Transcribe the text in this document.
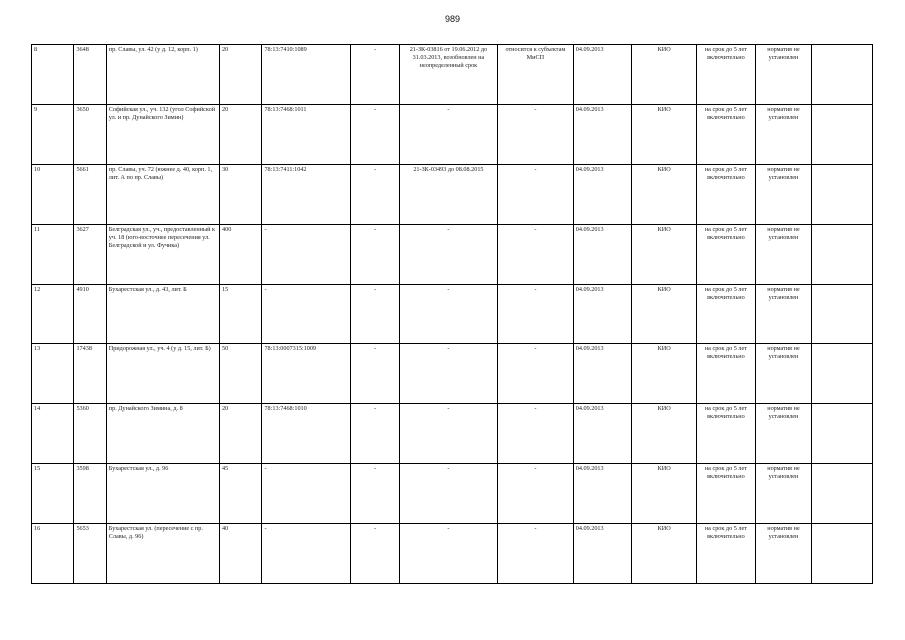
989
8	3648	пр. Славы, ул. 42 (у д. 12, корп. 1)	20	78:13:7410:1089	-	21-ЗК-03816 от 19.06.2012 до 31.03.2013, возобновлен на неопределенный срок	относится к субъектам МиСП	04.09.2013	КИО	на срок до 5 лет включительно	норматив не установлен	
9	3650	Софийская ул., уч. 132 (угол Софийской ул. и пр. Дунайского Зимин)	20	78:13:7468:1011	-	-	-	04.09.2013	КИО	на срок до 5 лет включительно	норматив не установлен	
10	5661	пр. Славы, уч. 72 (южнее д. 40, корп. 1, лит. А по пр. Славы)	30	78:13:7411:1042	-	21-ЗК-03493 до 08.08.2015	-	04.09.2013	КИО	на срок до 5 лет включительно	норматив не установлен	
11	3627	Белградская ул., уч., предоставленный к уч. 18 (юго-восточнее пересечения ул. Белградской и ул. Фучика)	400	-	-	-	-	04.09.2013	КИО	на срок до 5 лет включительно	норматив не установлен	
12	4910	Бухарестская ул., д. 43, лит. Б	15	-	-	-	-	04.09.2013	КИО	на срок до 5 лет включительно	норматив не установлен	
13	17438	Придорожная ул., уч. 4 (у д. 15, лит. Б)	50	78:13:0007315:1009	-	-	-	04.09.2013	КИО	на срок до 5 лет включительно	норматив не установлен	
14	5360	пр. Дунайского Зимина, д. 8	20	78:13:7468:1010	-	-	-	04.09.2013	КИО	на срок до 5 лет включительно	норматив не установлен	
15	3598	Бухарестская ул., д. 96	45	-	-	-	-	04.09.2013	КИО	на срок до 5 лет включительно	норматив не установлен	
16	5653	Бухарестская ул. (пересечение с пр. Славы, д. 96)	40	-	-	-	-	04.09.2013	КИО	на срок до 5 лет включительно	норматив не установлен	
